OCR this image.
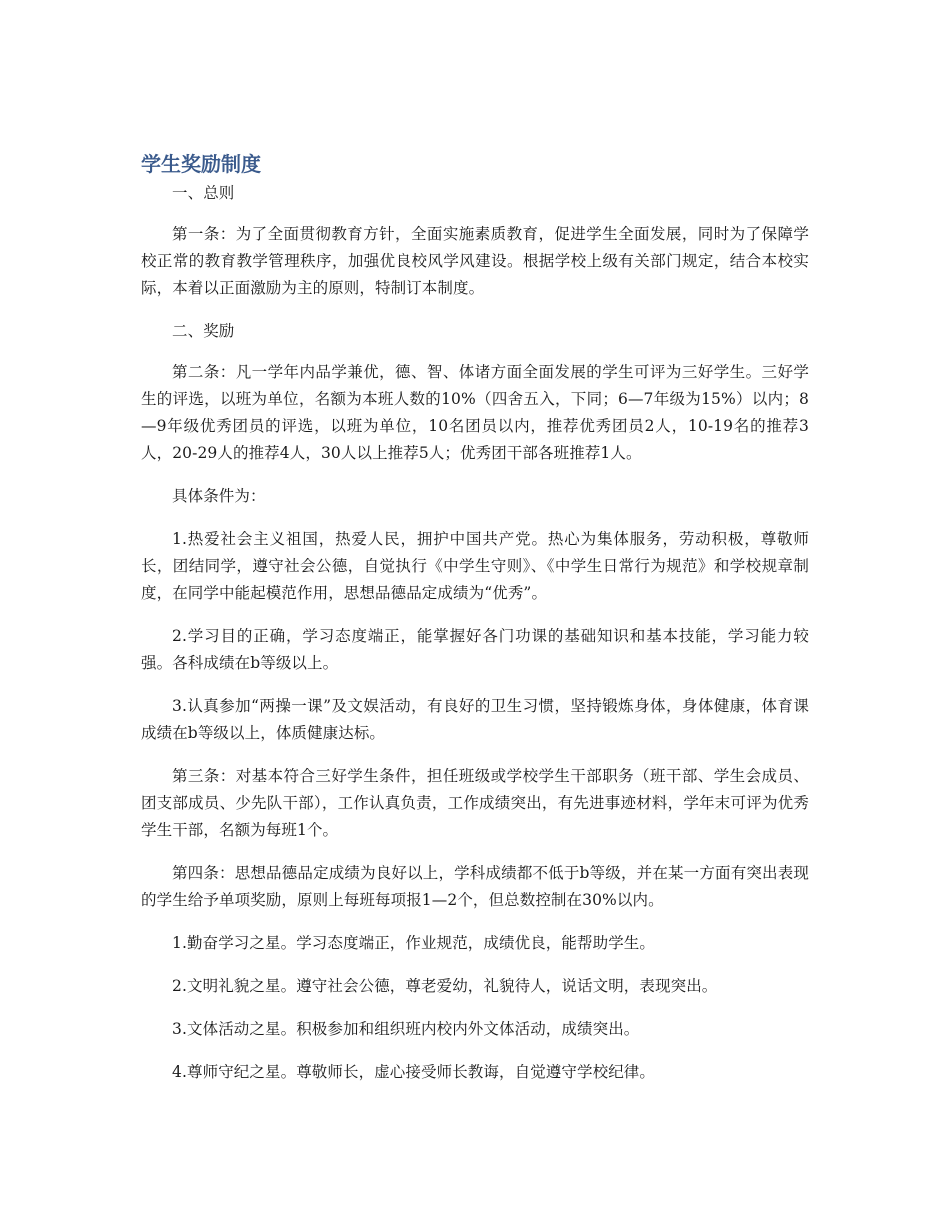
学生奖励制度

一、总则

第一条：为了全面贯彻教育方针，全面实施素质教育，促进学生全面发展，同时为了保障学校正常的教育教学管理秩序，加强优良校风学风建设。根据学校上级有关部门规定，结合本校实际，本着以正面激励为主的原则，特制订本制度。

二、奖励

第二条：凡一学年内品学兼优，德、智、体诸方面全面发展的学生可评为三好学生。三好学生的评选，以班为单位，名额为本班人数的10%（四舍五入，下同；6—7年级为15%）以内；8—9年级优秀团员的评选，以班为单位，10名团员以内，推荐优秀团员2人，10-19名的推荐3人，20-29人的推荐4人，30人以上推荐5人；优秀团干部各班推荐1人。

具体条件为：

1.热爱社会主义祖国，热爱人民，拥护中国共产党。热心为集体服务，劳动积极，尊敬师长，团结同学，遵守社会公德，自觉执行《中学生守则》、《中学生日常行为规范》和学校规章制度，在同学中能起模范作用，思想品德品定成绩为“优秀”。

2.学习目的正确，学习态度端正，能掌握好各门功课的基础知识和基本技能，学习能力较强。各科成绩在b等级以上。

3.认真参加“两操一课”及文娱活动，有良好的卫生习惯，坚持锻炼身体，身体健康，体育课成绩在b等级以上，体质健康达标。

第三条：对基本符合三好学生条件，担任班级或学校学生干部职务（班干部、学生会成员、团支部成员、少先队干部），工作认真负责，工作成绩突出，有先进事迹材料，学年末可评为优秀学生干部，名额为每班1个。

第四条：思想品德品定成绩为良好以上，学科成绩都不低于b等级，并在某一方面有突出表现的学生给予单项奖励，原则上每班每项报1—2个，但总数控制在30%以内。

1.勤奋学习之星。学习态度端正，作业规范，成绩优良，能帮助学生。

2.文明礼貌之星。遵守社会公德，尊老爱幼，礼貌待人，说话文明，表现突出。

3.文体活动之星。积极参加和组织班内校内外文体活动，成绩突出。

4.尊师守纪之星。尊敬师长，虚心接受师长教诲，自觉遵守学校纪律。
